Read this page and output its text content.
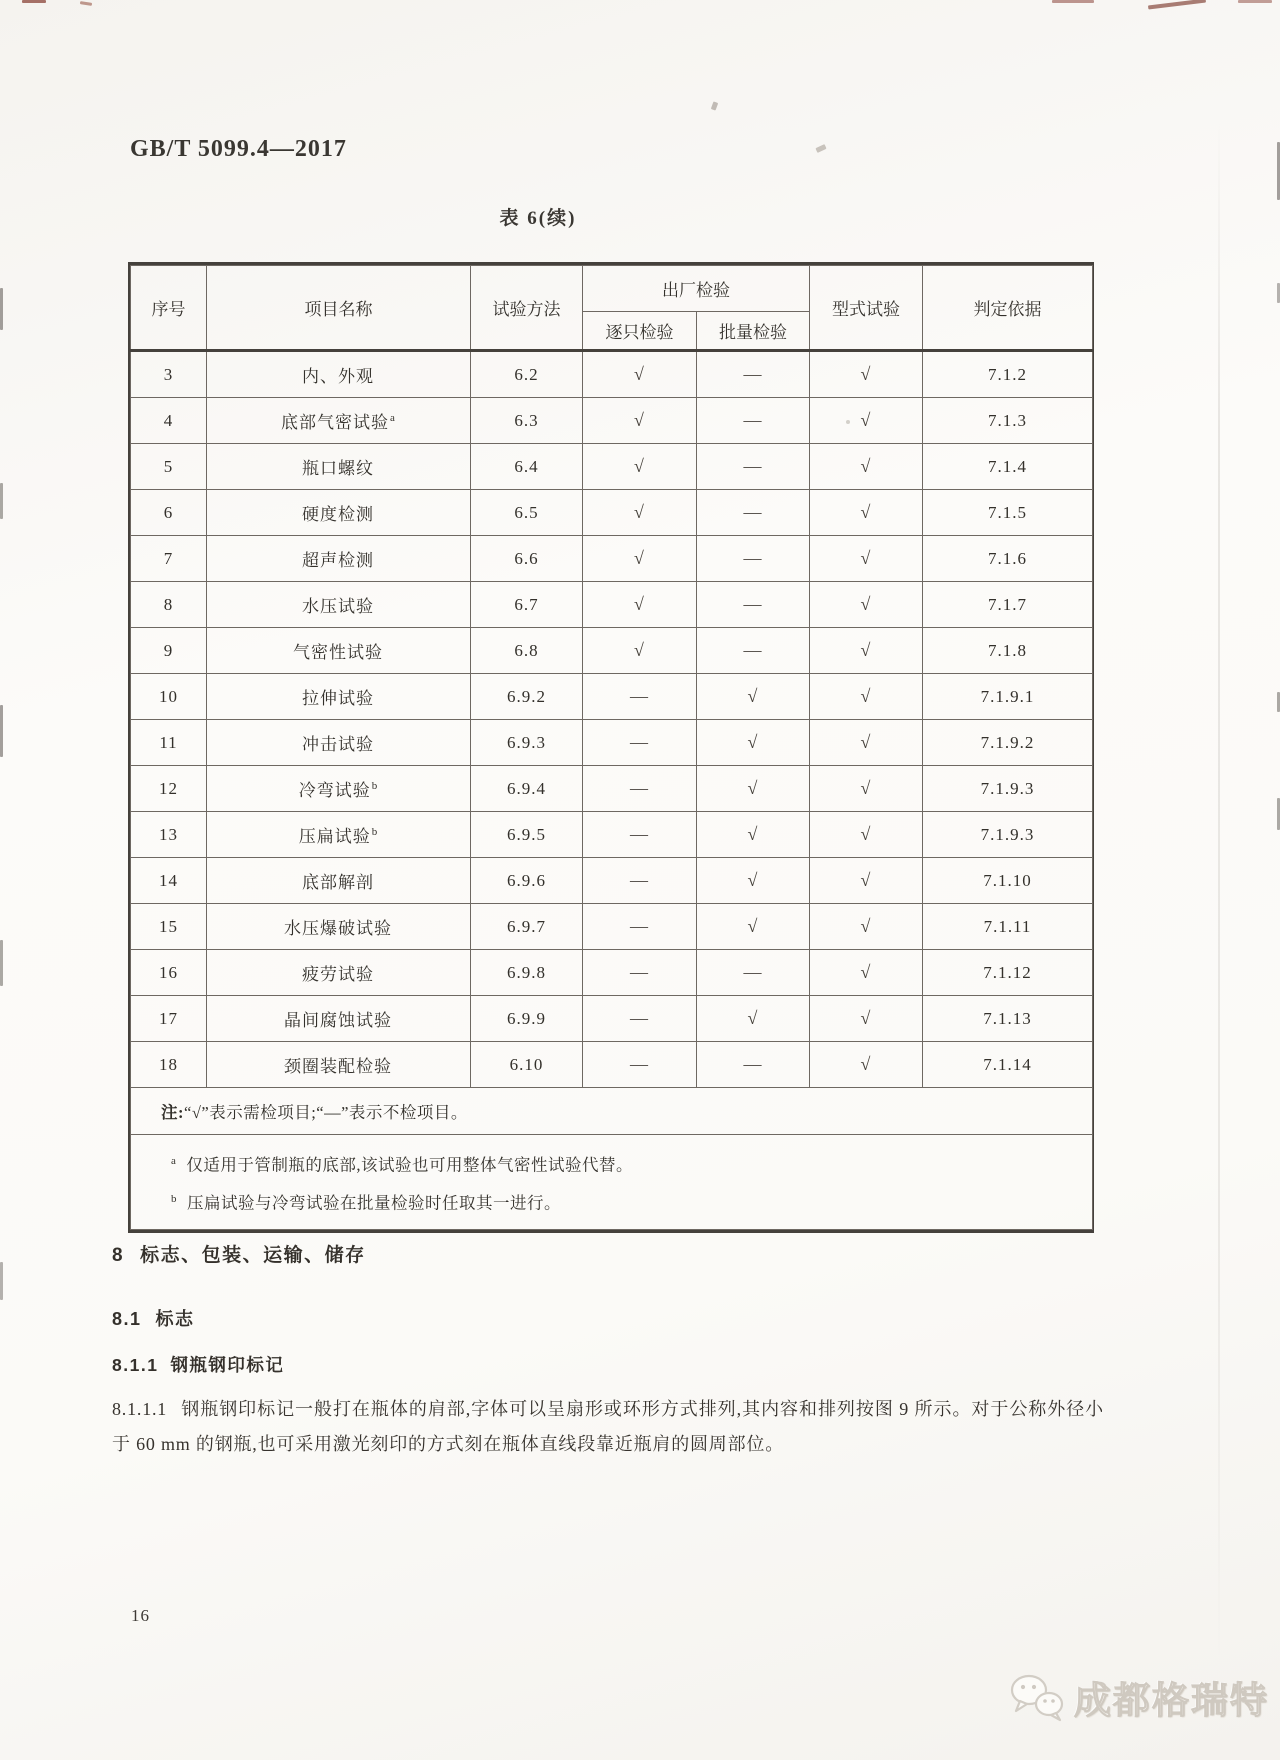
GB/T 5099.4—2017
表 6(续)
序号	项目名称	试验方法	出厂检验		型式试验	判定依据
			逐只检验	批量检验		
3	内、外观	6.2	√	—	√	7.1.2
4	底部气密试验$^a$	6.3	√	—	√	7.1.3
5	瓶口螺纹	6.4	√	—	√	7.1.4
6	硬度检测	6.5	√	—	√	7.1.5
7	超声检测	6.6	√	—	√	7.1.6
8	水压试验	6.7	√	—	√	7.1.7
9	气密性试验	6.8	√	—	√	7.1.8
10	拉伸试验	6.9.2	—	√	√	7.1.9.1
11	冲击试验	6.9.3	—	√	√	7.1.9.2
12	冷弯试验$^b$	6.9.4	—	√	√	7.1.9.3
13	压扁试验$^b$	6.9.5	—	√	√	7.1.9.3
14	底部解剖	6.9.6	—	√	√	7.1.10
15	水压爆破试验	6.9.7	—	√	√	7.1.11
16	疲劳试验	6.9.8	—	—	√	7.1.12
17	晶间腐蚀试验	6.9.9	—	√	√	7.1.13
18	颈圈装配检验	6.10	—	—	√	7.1.14
注:“√”表示需检项目;“—”表示不检项目。						

$^a$ 仅适用于管制瓶的底部,该试验也可用整体气密性试验代替。
$^b$ 压扁试验与冷弯试验在批量检验时任取其一进行。						
8 标志、包装、运输、储存
8.1 标志
8.1.1 钢瓶钢印标记
8.1.1.1 钢瓶钢印标记一般打在瓶体的肩部,字体可以呈扇形或环形方式排列,其内容和排列按图 9 所示。对于公称外径小于 60 mm 的钢瓶,也可采用激光刻印的方式刻在瓶体直线段靠近瓶肩的圆周部位。
16
成都格瑞特
